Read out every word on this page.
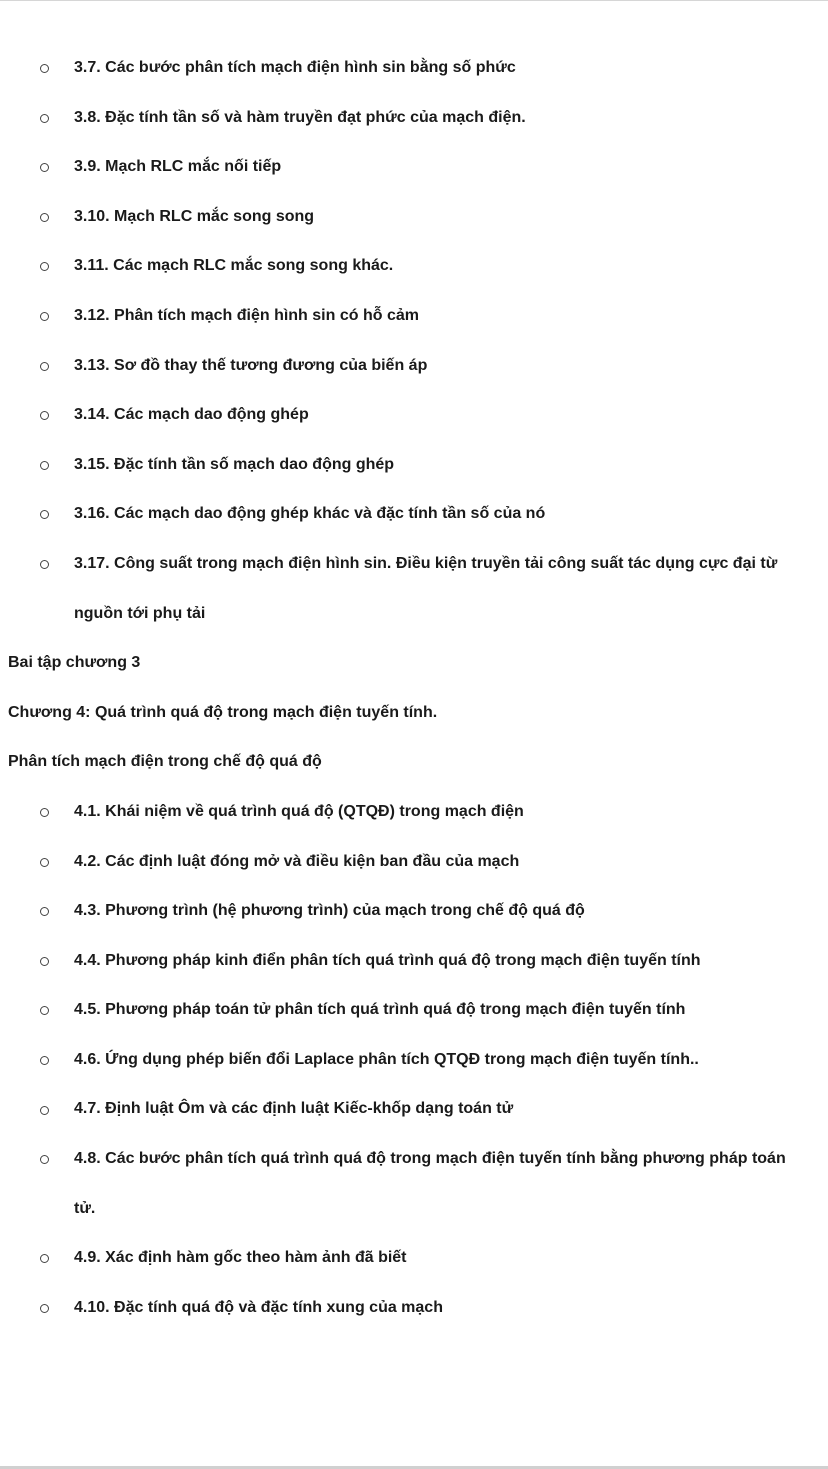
3.7. Các bước phân tích mạch điện hình sin bằng số phức
3.8. Đặc tính tần số và hàm truyền đạt phức của mạch điện.
3.9. Mạch RLC mắc nối tiếp
3.10. Mạch RLC mắc song song
3.11. Các mạch RLC mắc song song khác.
3.12. Phân tích mạch điện hình sin có hỗ cảm
3.13. Sơ đồ thay thế tương đương của biến áp
3.14. Các mạch dao động ghép
3.15. Đặc tính tần số mạch dao động ghép
3.16. Các mạch dao động ghép khác và đặc tính tần số của nó
3.17. Công suất trong mạch điện hình sin. Điều kiện truyền tải công suất tác dụng cực đại từ
nguồn tới phụ tải
Bai tập chương 3
Chương 4: Quá trình quá độ trong mạch điện tuyến tính.
Phân tích mạch điện trong chế độ quá độ
4.1. Khái niệm về quá trình quá độ (QTQĐ) trong mạch điện
4.2. Các định luật đóng mở và điều kiện ban đầu của mạch
4.3. Phương trình (hệ phương trình) của mạch trong chế độ quá độ
4.4. Phương pháp kinh điển phân tích quá trình quá độ trong mạch điện tuyến tính
4.5. Phương pháp toán tử phân tích quá trình quá độ trong mạch điện tuyến tính
4.6. Ứng dụng phép biến đổi Laplace phân tích QTQĐ trong mạch điện tuyến tính..
4.7. Định luật Ôm và các định luật Kiếc-khốp dạng toán tử
4.8. Các bước phân tích quá trình quá độ trong mạch điện tuyến tính bằng phương pháp toán
tử.
4.9. Xác định hàm gốc theo hàm ảnh đã biết
4.10. Đặc tính quá độ và đặc tính xung của mạch
